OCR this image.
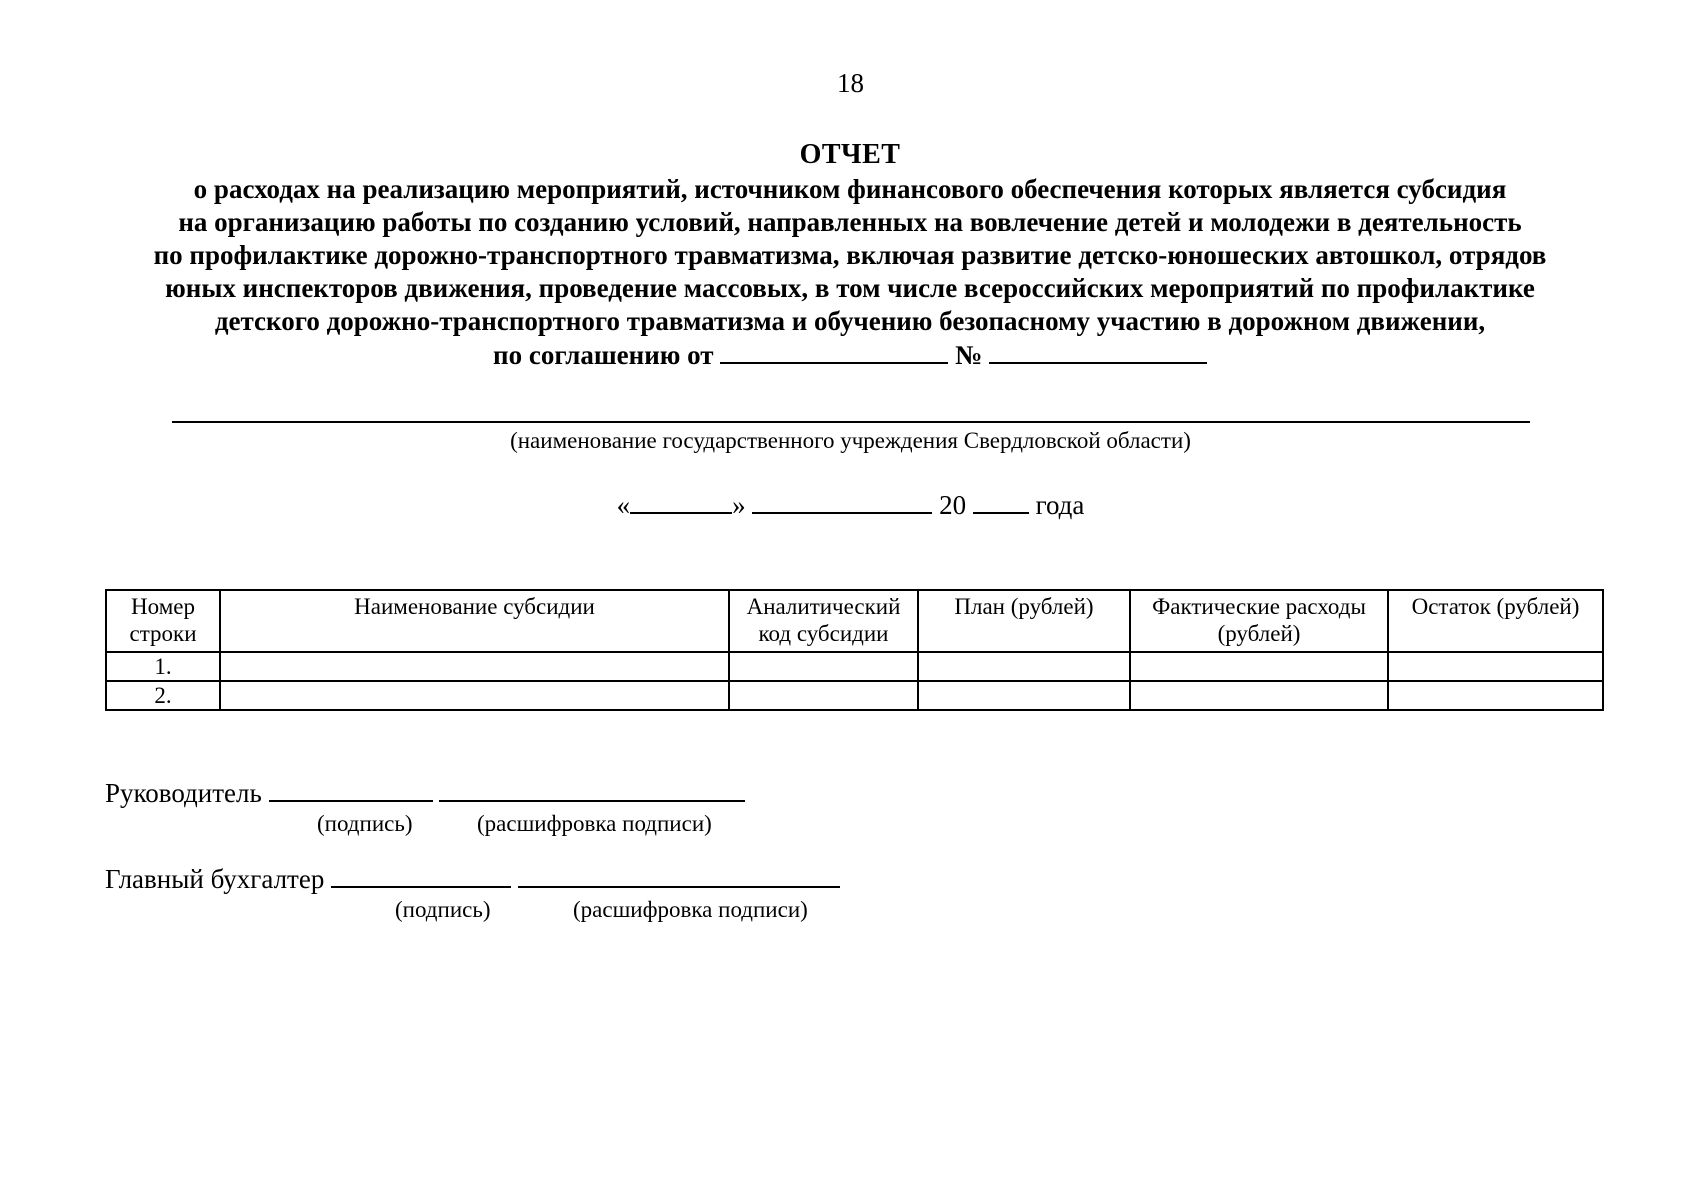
18
ОТЧЕТ
о расходах на реализацию мероприятий, источником финансового обеспечения которых является субсидия
на организацию работы по созданию условий, направленных на вовлечение детей и молодежи в деятельность
по профилактике дорожно-транспортного травматизма, включая развитие детско-юношеских автошкол, отрядов
юных инспекторов движения, проведение массовых, в том числе всероссийских мероприятий по профилактике
детского дорожно-транспортного травматизма и обучению безопасному участию в дорожном движении,
по соглашению от	№
(наименование государственного учреждения Свердловской области)
«	»	20	года
Номер строки	Наименование субсидии	Аналитический код субсидии	План (рублей)	Фактические расходы (рублей)	Остаток (рублей)
1.					
2.					
Руководитель
(подпись)	(расшифровка подписи)
Главный бухгалтер
(подпись)	(расшифровка подписи)
